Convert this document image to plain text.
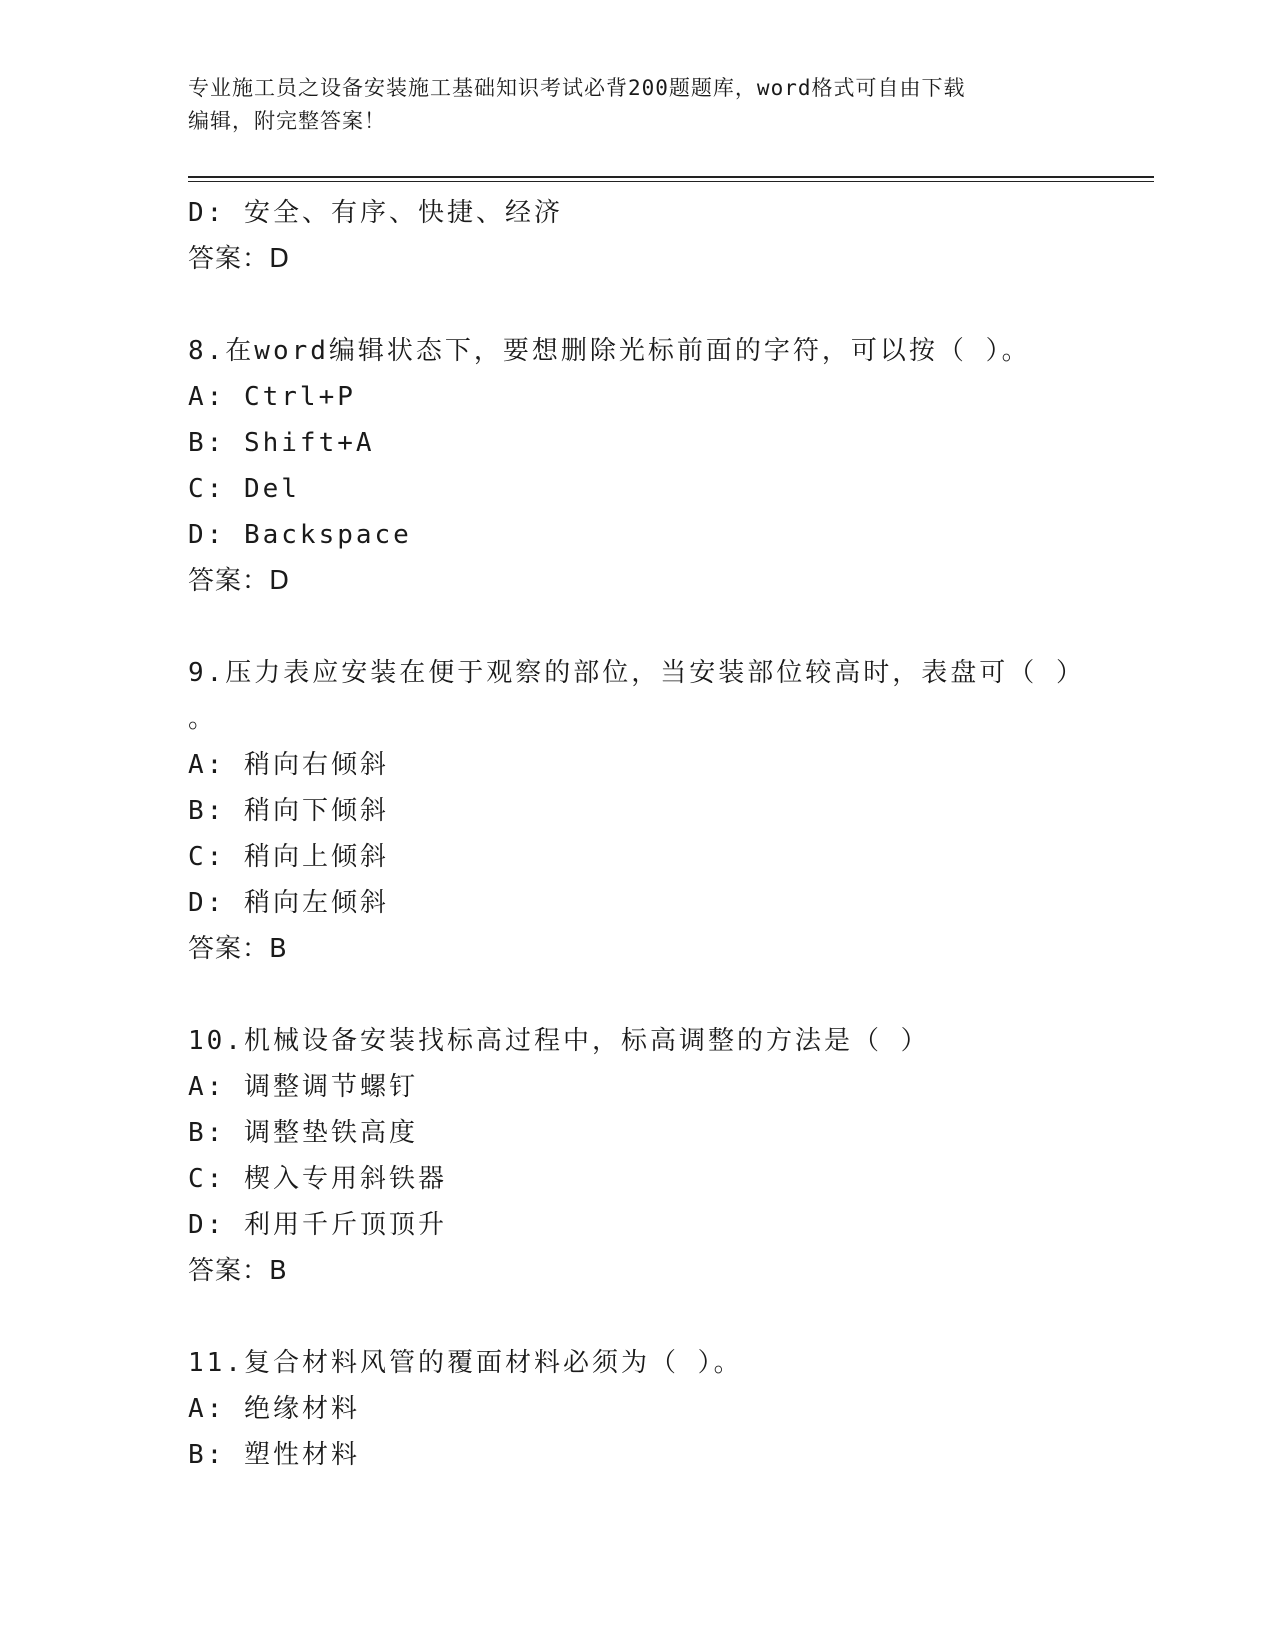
专业施工员之设备安装施工基础知识考试必背200题题库，word格式可自由下载
编辑，附完整答案！
D: 安全、有序、快捷、经济
答案：D
8.在word编辑状态下，要想删除光标前面的字符，可以按（ ）。
A: Ctrl+P
B: Shift+A
C: Del
D: Backspace
答案：D
9.压力表应安装在便于观察的部位，当安装部位较高时，表盘可（ ）
。
A: 稍向右倾斜
B: 稍向下倾斜
C: 稍向上倾斜
D: 稍向左倾斜
答案：B
10.机械设备安装找标高过程中，标高调整的方法是（ ）
A: 调整调节螺钉
B: 调整垫铁高度
C: 楔入专用斜铁器
D: 利用千斤顶顶升
答案：B
11.复合材料风管的覆面材料必须为（ ）。
A: 绝缘材料
B: 塑性材料
